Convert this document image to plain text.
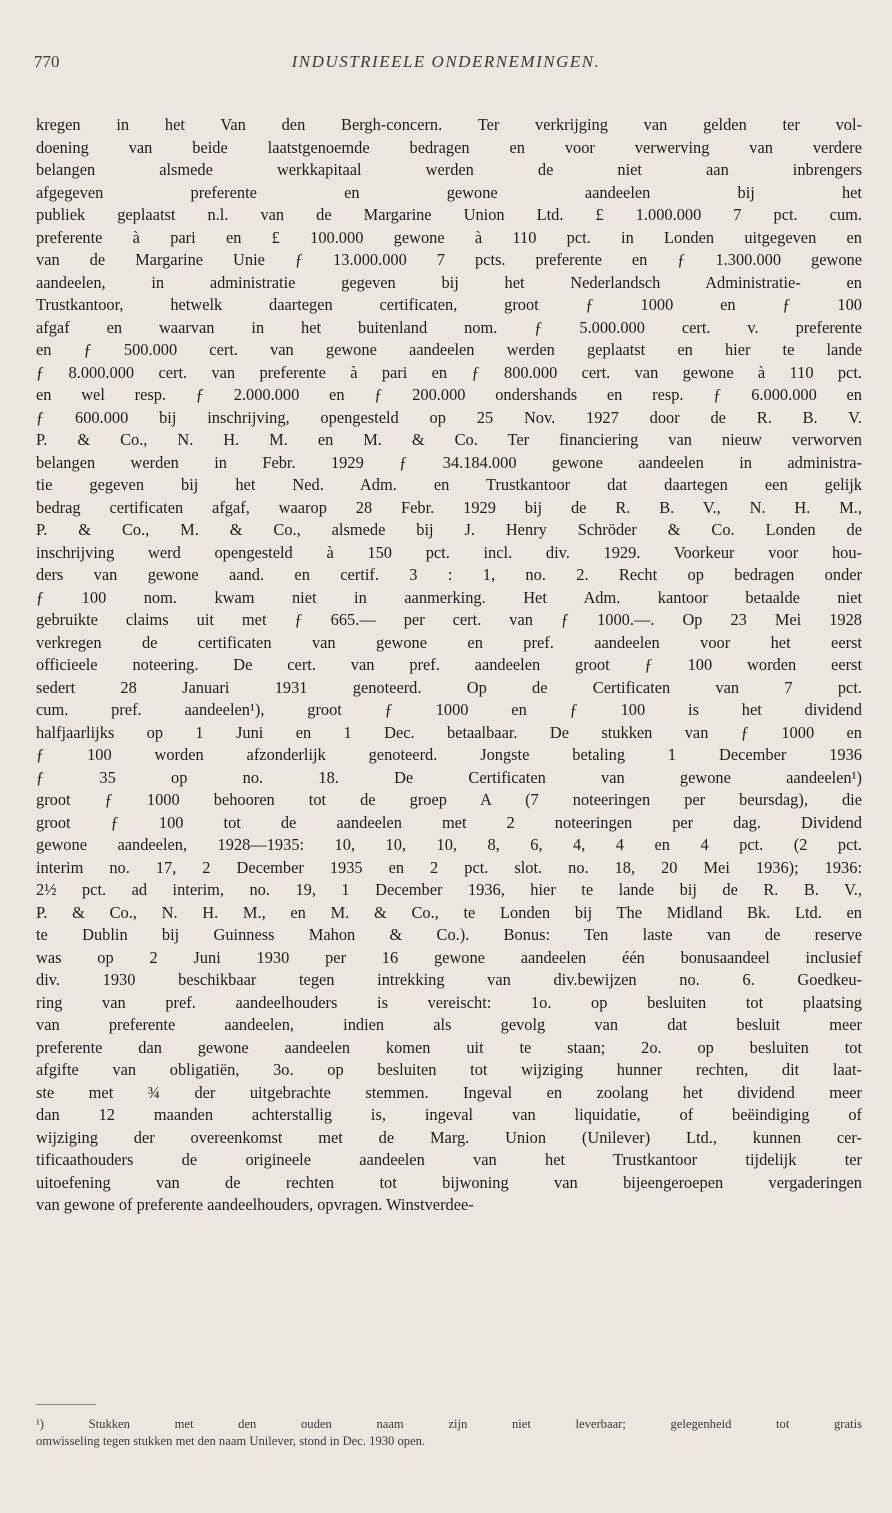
770	INDUSTRIEELE ONDERNEMINGEN.
kregen in het Van den Bergh-concern. Ter verkrijging van gelden ter vol-
doening van beide laatstgenoemde bedragen en voor verwerving van verdere
belangen alsmede werkkapitaal werden de niet aan inbrengers
afgegeven preferente en gewone aandeelen bij het
publiek geplaatst n.l. van de Margarine Union Ltd. £ 1.000.000 7 pct. cum.
preferente à pari en £ 100.000 gewone à 110 pct. in Londen uitgegeven en
van de Margarine Unie ƒ 13.000.000 7 pcts. preferente en ƒ 1.300.000 gewone
aandeelen, in administratie gegeven bij het Nederlandsch Administratie- en
Trustkantoor, hetwelk daartegen certificaten, groot ƒ 1000 en ƒ 100
afgaf en waarvan in het buitenland nom. ƒ 5.000.000 cert. v. preferente
en ƒ 500.000 cert. van gewone aandeelen werden geplaatst en hier te lande
ƒ 8.000.000 cert. van preferente à pari en ƒ 800.000 cert. van gewone à 110 pct.
en wel resp. ƒ 2.000.000 en ƒ 200.000 ondershands en resp. ƒ 6.000.000 en
ƒ 600.000 bij inschrijving, opengesteld op 25 Nov. 1927 door de R. B. V.
P. & Co., N. H. M. en M. & Co. Ter financiering van nieuw verworven
belangen werden in Febr. 1929 ƒ 34.184.000 gewone aandeelen in administra-
tie gegeven bij het Ned. Adm. en Trustkantoor dat daartegen een gelijk
bedrag certificaten afgaf, waarop 28 Febr. 1929 bij de R. B. V., N. H. M.,
P. & Co., M. & Co., alsmede bij J. Henry Schröder & Co. Londen de
inschrijving werd opengesteld à 150 pct. incl. div. 1929. Voorkeur voor hou-
ders van gewone aand. en certif. 3 : 1, no. 2. Recht op bedragen onder
ƒ 100 nom. kwam niet in aanmerking. Het Adm. kantoor betaalde niet
gebruikte claims uit met ƒ 665.— per cert. van ƒ 1000.—. Op 23 Mei 1928
verkregen de certificaten van gewone en pref. aandeelen voor het eerst
officieele noteering. De cert. van pref. aandeelen groot ƒ 100 worden eerst
sedert 28 Januari 1931 genoteerd. Op de Certificaten van 7 pct.
cum. pref. aandeelen¹), groot ƒ 1000 en ƒ 100 is het dividend
halfjaarlijks op 1 Juni en 1 Dec. betaalbaar. De stukken van ƒ 1000 en
ƒ 100 worden afzonderlijk genoteerd. Jongste betaling 1 December 1936
ƒ 35 op no. 18. De Certificaten van gewone aandeelen¹)
groot ƒ 1000 behooren tot de groep A (7 noteeringen per beursdag), die
groot ƒ 100 tot de aandeelen met 2 noteeringen per dag. Dividend
gewone aandeelen, 1928—1935: 10, 10, 10, 8, 6, 4, 4 en 4 pct. (2 pct.
interim no. 17, 2 December 1935 en 2 pct. slot. no. 18, 20 Mei 1936); 1936:
2½ pct. ad interim, no. 19, 1 December 1936, hier te lande bij de R. B. V.,
P. & Co., N. H. M., en M. & Co., te Londen bij The Midland Bk. Ltd. en
te Dublin bij Guinness Mahon & Co.). Bonus: Ten laste van de reserve
was op 2 Juni 1930 per 16 gewone aandeelen één bonusaandeel inclusief
div. 1930 beschikbaar tegen intrekking van div.bewijzen no. 6. Goedkeu-
ring van pref. aandeelhouders is vereischt: 1o. op besluiten tot plaatsing
van preferente aandeelen, indien als gevolg van dat besluit meer
preferente dan gewone aandeelen komen uit te staan; 2o. op besluiten tot
afgifte van obligatiën, 3o. op besluiten tot wijziging hunner rechten, dit laat-
ste met ¾ der uitgebrachte stemmen. Ingeval en zoolang het dividend meer
dan 12 maanden achterstallig is, ingeval van liquidatie, of beëindiging of
wijziging der overeenkomst met de Marg. Union (Unilever) Ltd., kunnen cer-
tificaathouders de origineele aandeelen van het Trustkantoor tijdelijk ter
uitoefening van de rechten tot bijwoning van bijeengeroepen vergaderingen
van gewone of preferente aandeelhouders, opvragen. Winstverdee-
¹) Stukken met den ouden naam zijn niet leverbaar; gelegenheid tot gratis
omwisseling tegen stukken met den naam Unilever, stond in Dec. 1930 open.
